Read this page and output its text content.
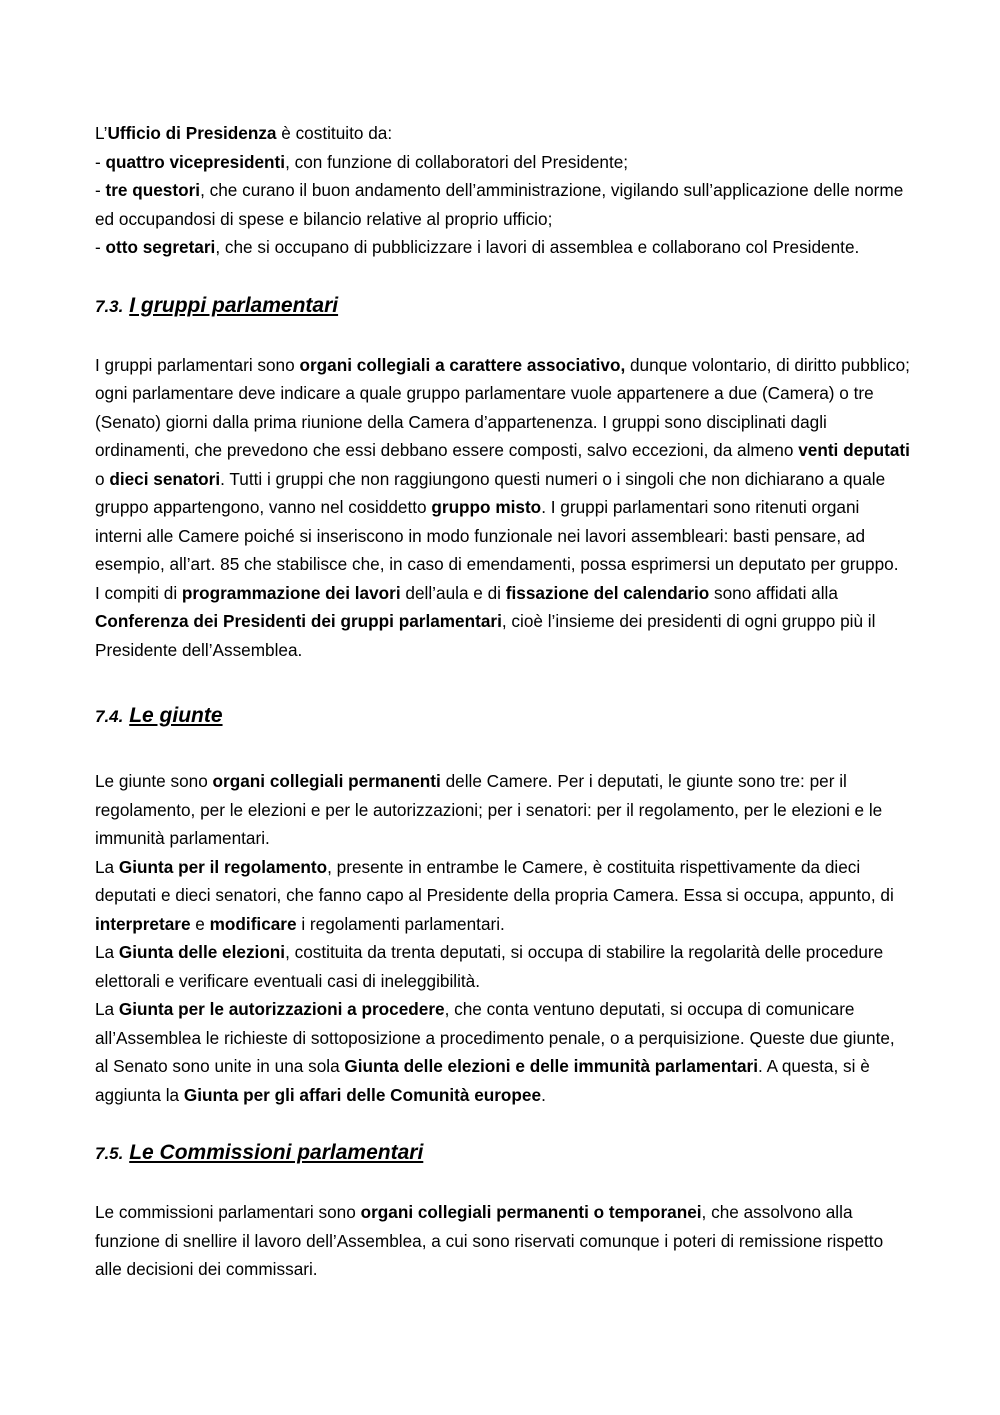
L’Ufficio di Presidenza è costituito da:

- quattro vicepresidenti, con funzione di collaboratori del Presidente;

- tre questori, che curano il buon andamento dell’amministrazione, vigilando sull’applicazione delle norme ed occupandosi di spese e bilancio relative al proprio ufficio;

- otto segretari, che si occupano di pubblicizzare i lavori di assemblea e collaborano col Presidente.

7.3. I gruppi parlamentari

I gruppi parlamentari sono organi collegiali a carattere associativo, dunque volontario, di diritto pubblico; ogni parlamentare deve indicare a quale gruppo parlamentare vuole appartenere a due (Camera) o tre (Senato) giorni dalla prima riunione della Camera d’appartenenza. I gruppi sono disciplinati dagli ordinamenti, che prevedono che essi debbano essere composti, salvo eccezioni, da almeno venti deputati o dieci senatori. Tutti i gruppi che non raggiungono questi numeri o i singoli che non dichiarano a quale gruppo appartengono, vanno nel cosiddetto gruppo misto. I gruppi parlamentari sono ritenuti organi interni alle Camere poiché si inseriscono in modo funzionale nei lavori assembleari: basti pensare, ad esempio, all’art. 85 che stabilisce che, in caso di emendamenti, possa esprimersi un deputato per gruppo.

I compiti di programmazione dei lavori dell’aula e di fissazione del calendario sono affidati alla Conferenza dei Presidenti dei gruppi parlamentari, cioè l’insieme dei presidenti di ogni gruppo più il Presidente dell’Assemblea.

7.4. Le giunte

Le giunte sono organi collegiali permanenti delle Camere. Per i deputati, le giunte sono tre: per il regolamento, per le elezioni e per le autorizzazioni; per i senatori: per il regolamento, per le elezioni e le immunità parlamentari.

La Giunta per il regolamento, presente in entrambe le Camere, è costituita rispettivamente da dieci deputati e dieci senatori, che fanno capo al Presidente della propria Camera. Essa si occupa, appunto, di interpretare e modificare i regolamenti parlamentari.

La Giunta delle elezioni, costituita da trenta deputati, si occupa di stabilire la regolarità delle procedure elettorali e verificare eventuali casi di ineleggibilità.

La Giunta per le autorizzazioni a procedere, che conta ventuno deputati, si occupa di comunicare all’Assemblea le richieste di sottoposizione a procedimento penale, o a perquisizione. Queste due giunte, al Senato sono unite in una sola Giunta delle elezioni e delle immunità parlamentari. A questa, si è aggiunta la Giunta per gli affari delle Comunità europee.

7.5. Le Commissioni parlamentari

Le commissioni parlamentari sono organi collegiali permanenti o temporanei, che assolvono alla funzione di snellire il lavoro dell’Assemblea, a cui sono riservati comunque i poteri di remissione rispetto alle decisioni dei commissari.
